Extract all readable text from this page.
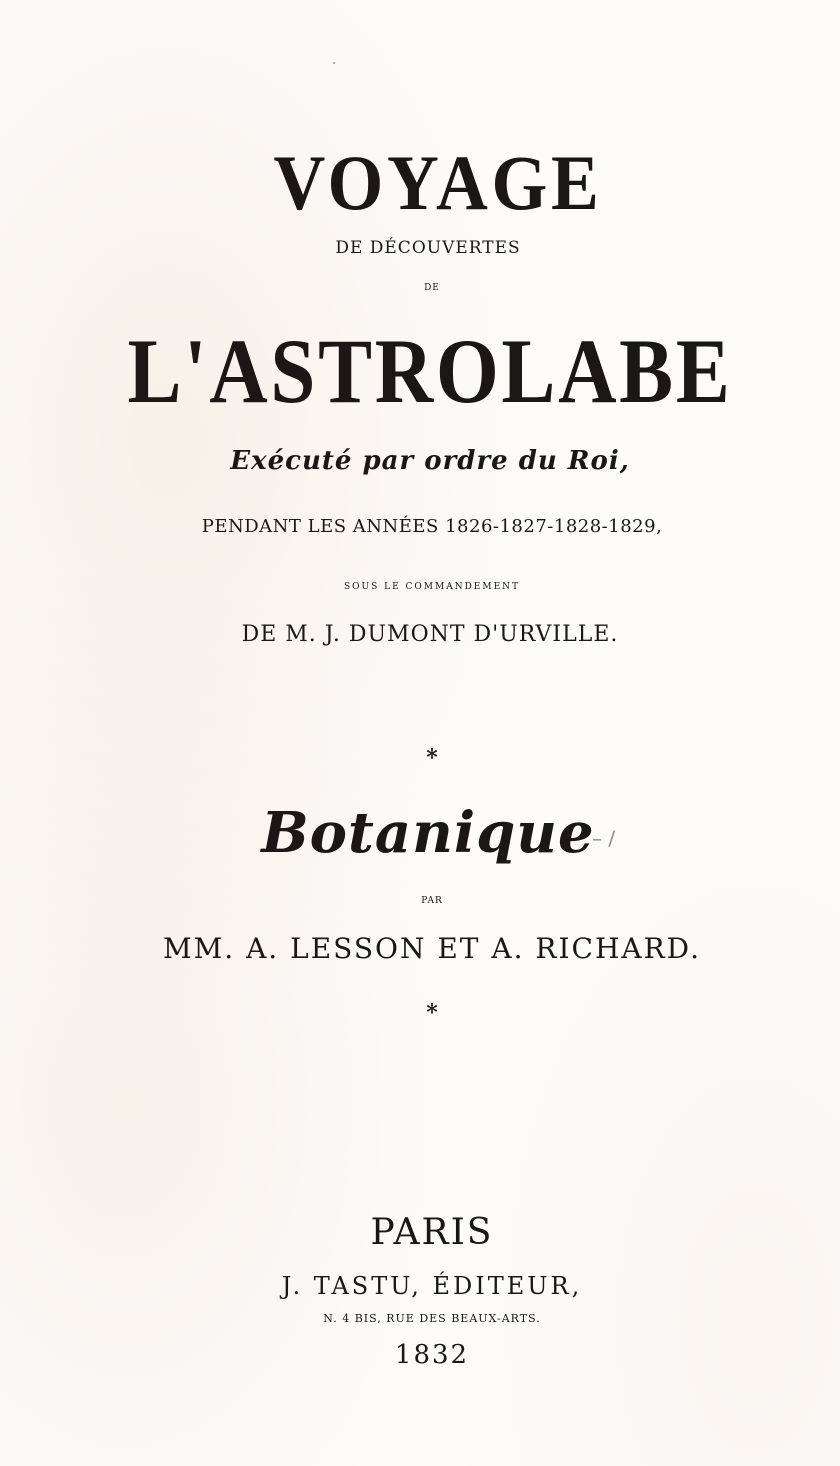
VOYAGE
DE DÉCOUVERTES
DE
L'ASTROLABE
Exécuté par ordre du Roi,
PENDANT LES ANNÉES 1826-1827-1828-1829,
SOUS LE COMMANDEMENT
DE M. J. DUMONT D'URVILLE.
*
Botanique
– /
PAR
MM. A. LESSON ET A. RICHARD.
*
PARIS
J. TASTU, ÉDITEUR,
N. 4 BIS, RUE DES BEAUX-ARTS.
1832
